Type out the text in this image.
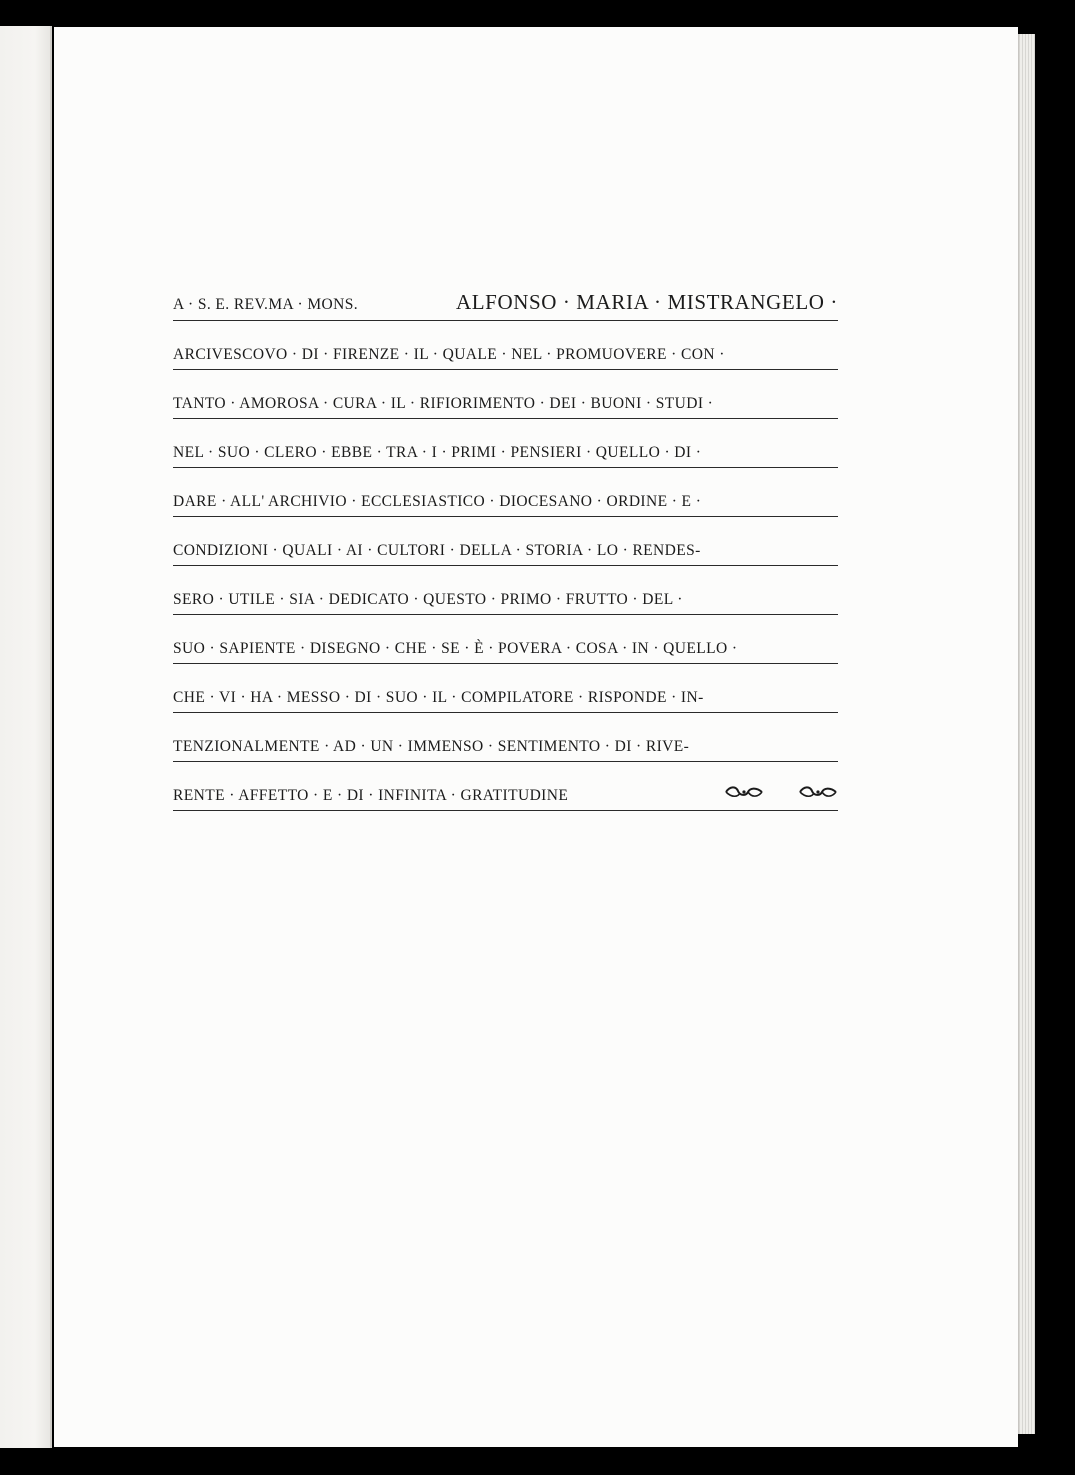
A · S. E. REV.MA · MONS.	ALFONSO · MARIA · MISTRANGELO ·
ARCIVESCOVO · DI · FIRENZE · IL · QUALE · NEL · PROMUOVERE · CON ·
TANTO · AMOROSA · CURA · IL · RIFIORIMENTO · DEI · BUONI · STUDI ·
NEL · SUO · CLERO · EBBE · TRA · I · PRIMI · PENSIERI · QUELLO · DI ·
DARE · ALL' ARCHIVIO · ECCLESIASTICO · DIOCESANO · ORDINE · E ·
CONDIZIONI · QUALI · AI · CULTORI · DELLA · STORIA · LO · RENDES-
SERO · UTILE · SIA · DEDICATO · QUESTO · PRIMO · FRUTTO · DEL ·
SUO · SAPIENTE · DISEGNO · CHE · SE · È · POVERA · COSA · IN · QUELLO ·
CHE · VI · HA · MESSO · DI · SUO · IL · COMPILATORE · RISPONDE · IN-
TENZIONALMENTE · AD · UN · IMMENSO · SENTIMENTO · DI · RIVE-
RENTE · AFFETTO · E · DI · INFINITA · GRATITUDINE
